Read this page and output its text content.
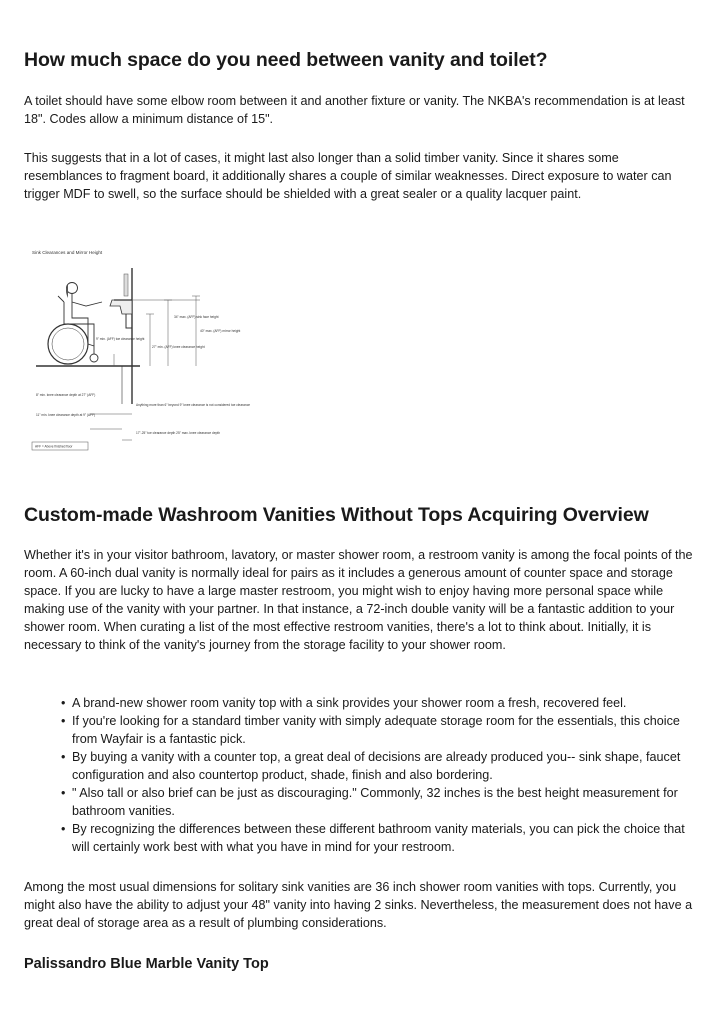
How much space do you need between vanity and toilet?

A toilet should have some elbow room between it and another fixture or vanity. The NKBA's recommendation is at least 18". Codes allow a minimum distance of 15".

This suggests that in a lot of cases, it might last also longer than a solid timber vanity. Since it shares some resemblances to fragment board, it additionally shares a couple of similar weaknesses. Direct exposure to water can trigger MDF to swell, so the surface should be shielded with a great sealer or a quality lacquer paint.

Sink Clearances and Mirror Height
34" max. (AFF) sink face height
40" max. (AFF) mirror height
9" min. (AFF) toe clearance height
27" min. (AFF) knee clearance height
8" min. knee clearance depth at 27" (AFF)
11" min. knee clearance depth at 9" (AFF)
Anything more than 6" beyond 9" knee clearance is not considered toe clearance
17"-25" toe clearance depth 25" max. knee clearance depth
AFF = Above finished floor
Custom-made Washroom Vanities Without Tops Acquiring Overview

Whether it's in your visitor bathroom, lavatory, or master shower room, a restroom vanity is among the focal points of the room. A 60-inch dual vanity is normally ideal for pairs as it includes a generous amount of counter space and storage space. If you are lucky to have a large master restroom, you might wish to enjoy having more personal space while making use of the vanity with your partner. In that instance, a 72-inch double vanity will be a fantastic addition to your shower room. When curating a list of the most effective restroom vanities, there's a lot to think about. Initially, it is necessary to think of the vanity's journey from the storage facility to your shower room.

• A brand-new shower room vanity top with a sink provides your shower room a fresh, recovered feel.
• If you're looking for a standard timber vanity with simply adequate storage room for the essentials, this choice from Wayfair is a fantastic pick.
• By buying a vanity with a counter top, a great deal of decisions are already produced you-- sink shape, faucet configuration and also countertop product, shade, finish and also bordering.
• " Also tall or also brief can be just as discouraging." Commonly, 32 inches is the best height measurement for bathroom vanities.
• By recognizing the differences between these different bathroom vanity materials, you can pick the choice that will certainly work best with what you have in mind for your restroom.

Among the most usual dimensions for solitary sink vanities are 36 inch shower room vanities with tops. Currently, you might also have the ability to adjust your 48" vanity into having 2 sinks. Nevertheless, the measurement does not have a great deal of storage area as a result of plumbing considerations.

Palissandro Blue Marble Vanity Top
